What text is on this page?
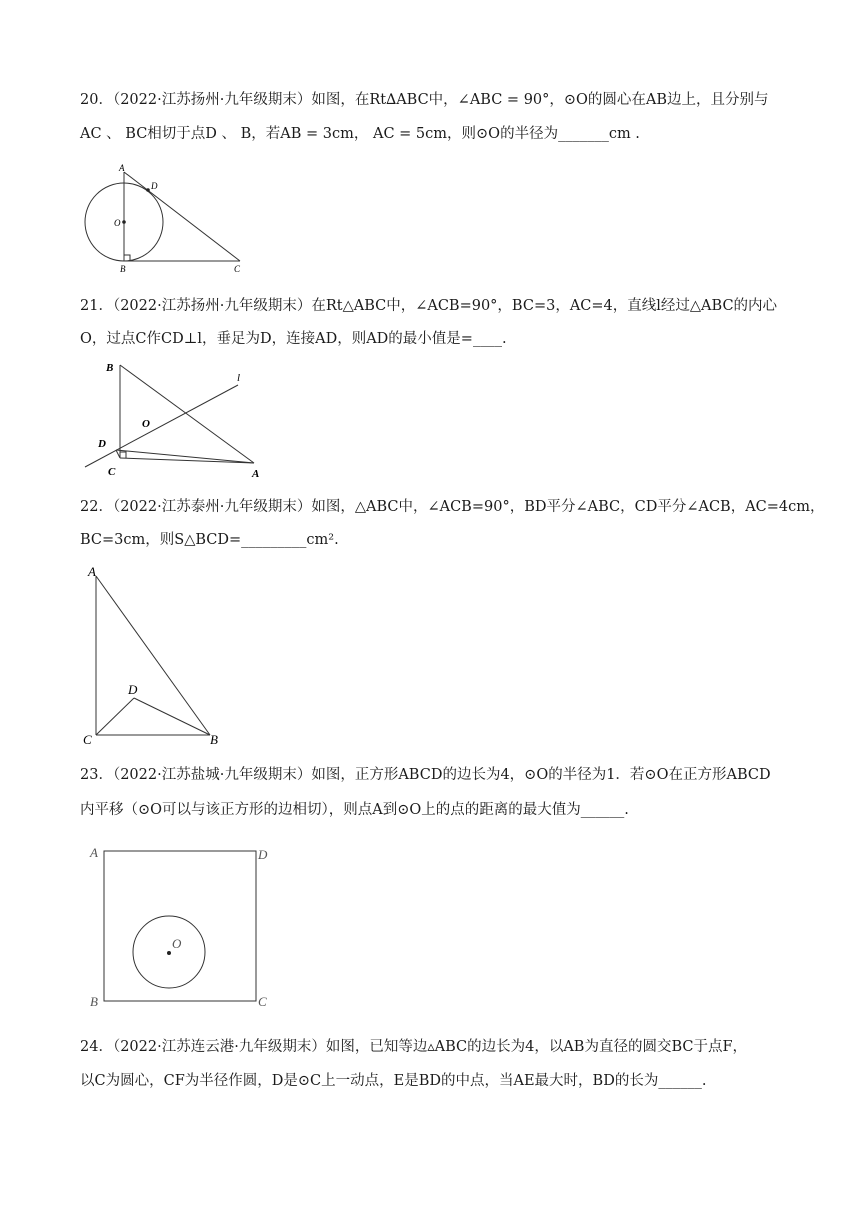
20．（2022·江苏扬州·九年级期末）如图，在Rt∆ABC中，∠ABC = 90°，⊙O的圆心在AB边上，且分别与
AC 、 BC相切于点D 、 B，若AB = 3cm， AC = 5cm，则⊙O的半径为_______cm .
A
D
O
B	C
21．（2022·江苏扬州·九年级期末）在Rt△ABC中，∠ACB=90°，BC=3，AC=4，直线l经过△ABC的内心
O，过点C作CD⊥l，垂足为D，连接AD，则AD的最小值是=____.
B
l
O
D
C	A
22．（2022·江苏泰州·九年级期末）如图，△ABC中，∠ACB=90°，BD平分∠ABC，CD平分∠ACB，AC=4cm，
BC=3cm，则S△BCD=_________cm².
A
D
C	B
23．（2022·江苏盐城·九年级期末）如图，正方形ABCD的边长为4，⊙O的半径为1．若⊙O在正方形ABCD
内平移（⊙O可以与该正方形的边相切），则点A到⊙O上的点的距离的最大值为______.
A	D
O
B	C
24．（2022·江苏连云港·九年级期末）如图，已知等边▵ABC的边长为4，以AB为直径的圆交BC于点F，
以C为圆心，CF为半径作圆，D是⊙C上一动点，E是BD的中点，当AE最大时，BD的长为______.
